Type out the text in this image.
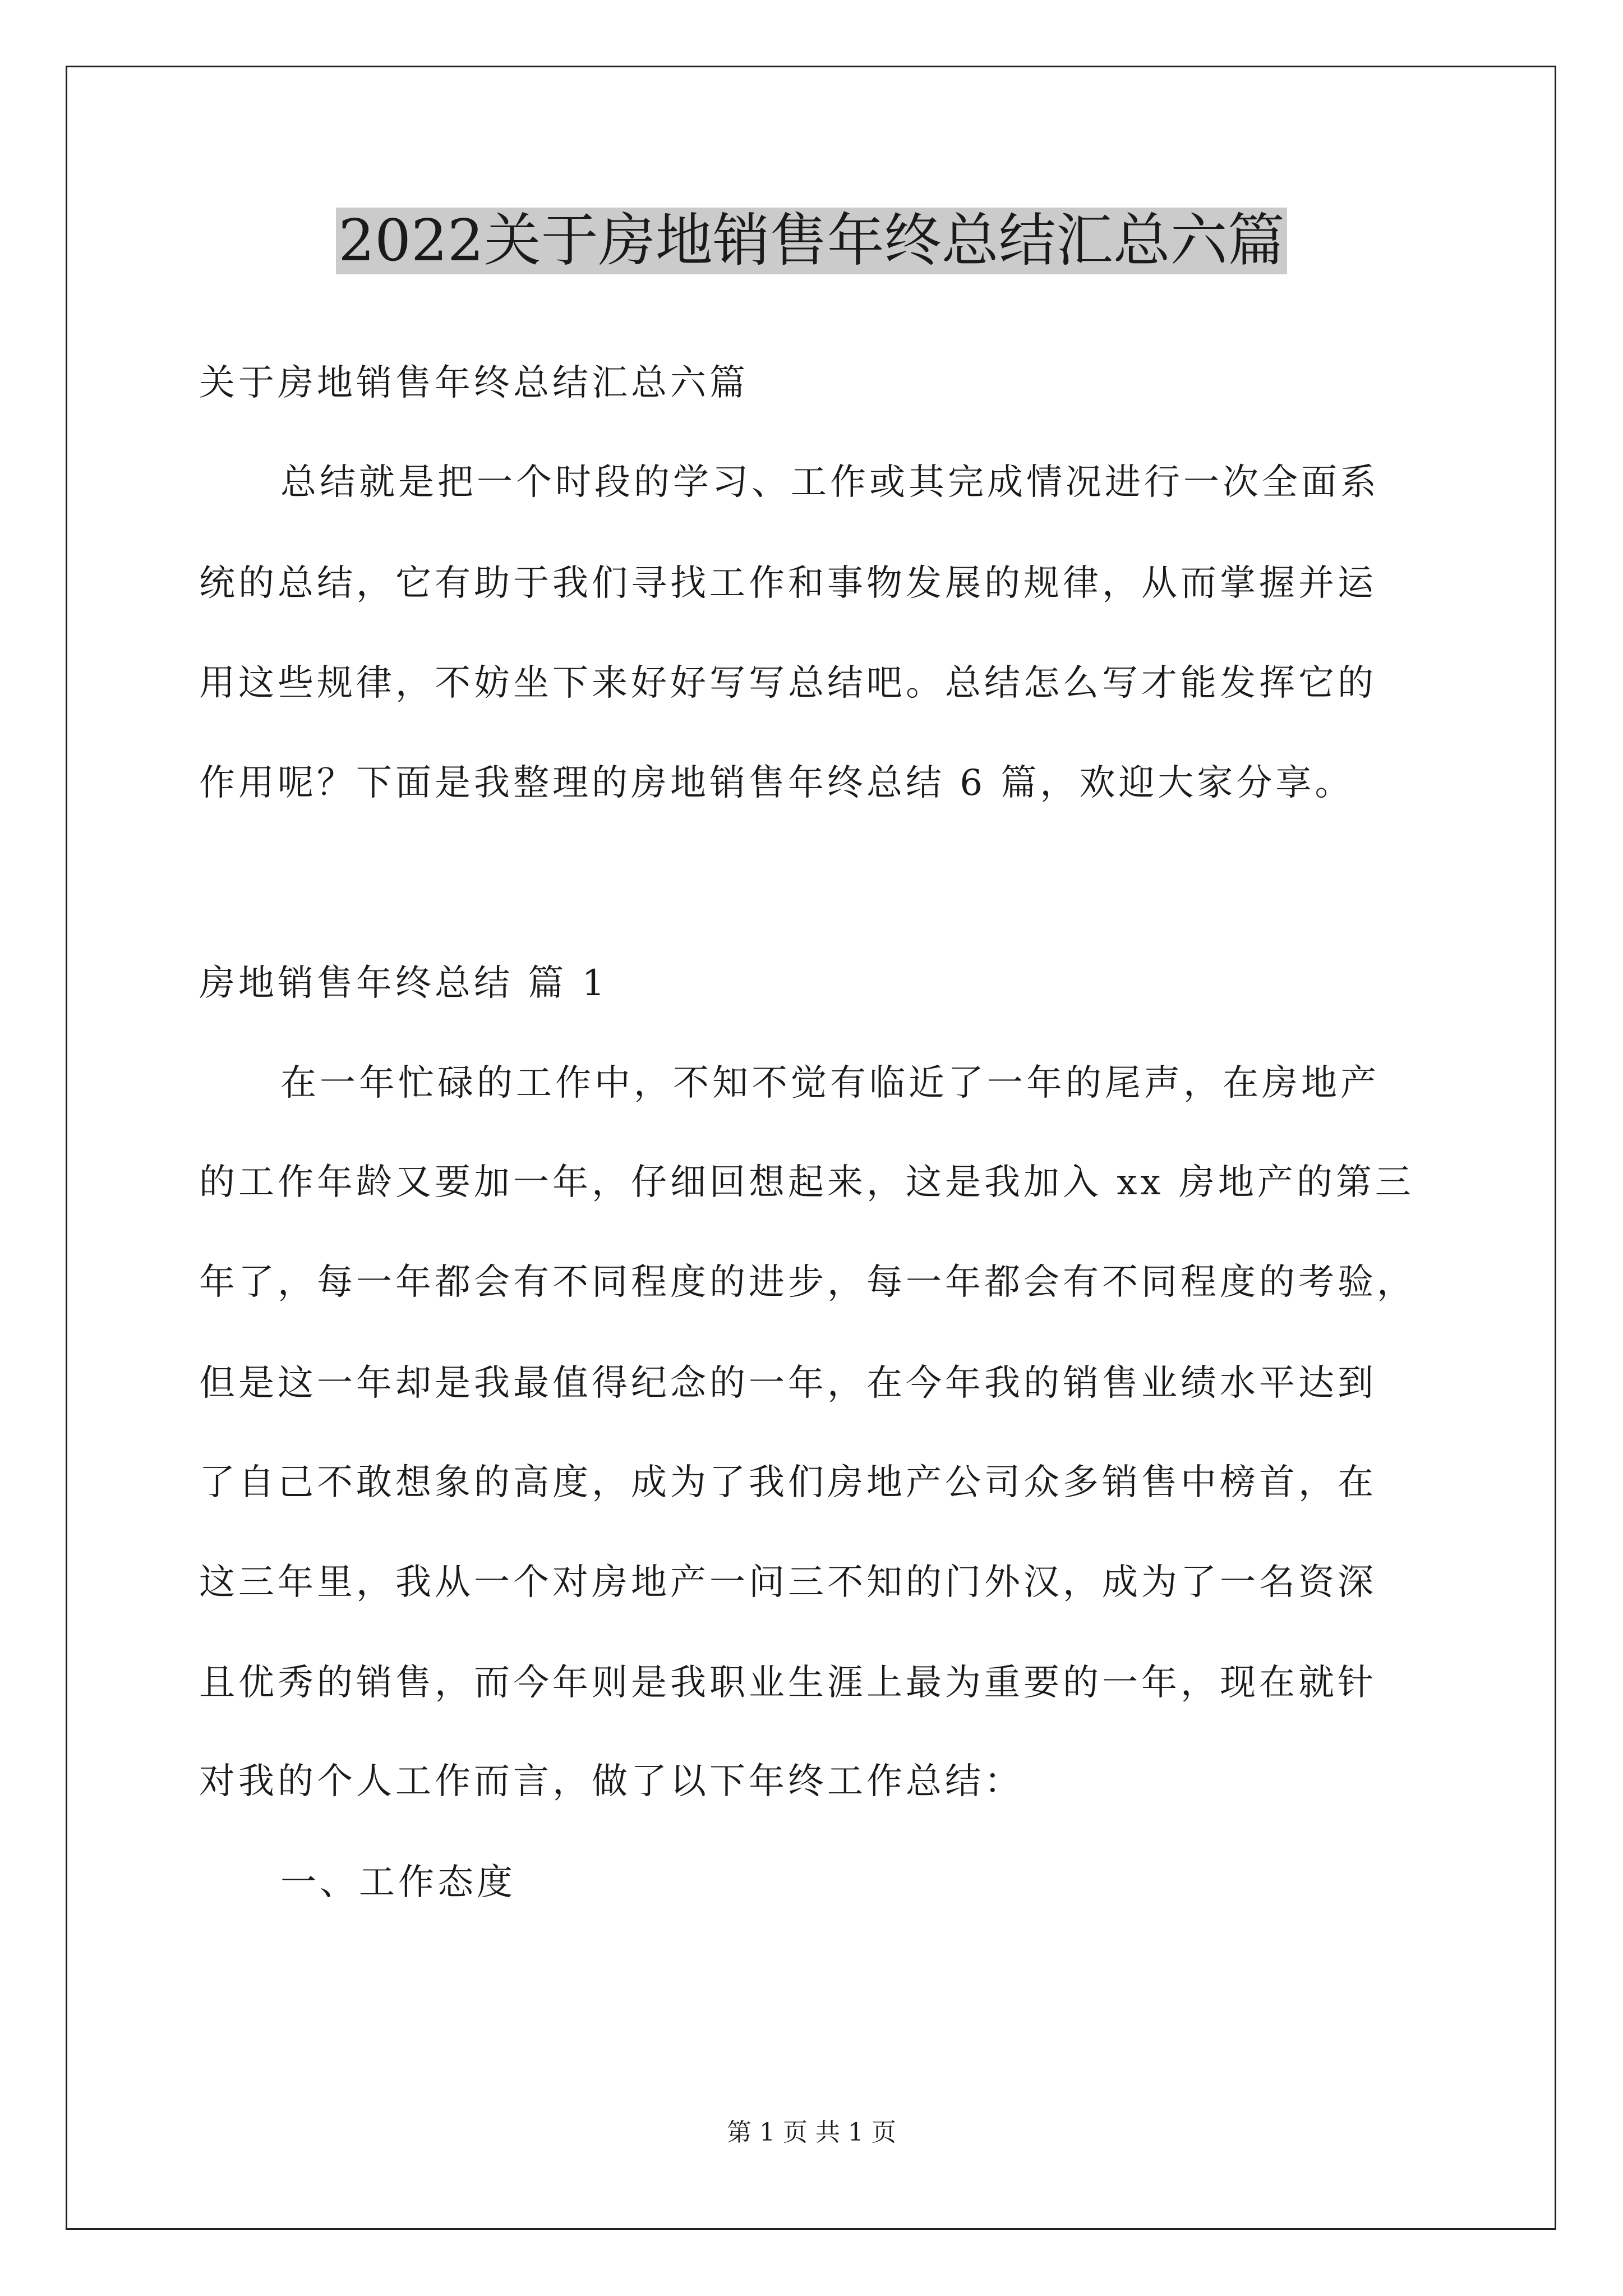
2022关于房地销售年终总结汇总六篇
关于房地销售年终总结汇总六篇
总结就是把一个时段的学习、工作或其完成情况进行一次全面系
统的总结，它有助于我们寻找工作和事物发展的规律，从而掌握并运
用这些规律，不妨坐下来好好写写总结吧。总结怎么写才能发挥它的
作用呢？下面是我整理的房地销售年终总结 6 篇，欢迎大家分享。
房地销售年终总结 篇 1
在一年忙碌的工作中，不知不觉有临近了一年的尾声，在房地产
的工作年龄又要加一年，仔细回想起来，这是我加入 xx 房地产的第三
年了，每一年都会有不同程度的进步，每一年都会有不同程度的考验，
但是这一年却是我最值得纪念的一年，在今年我的销售业绩水平达到
了自己不敢想象的高度，成为了我们房地产公司众多销售中榜首，在
这三年里，我从一个对房地产一问三不知的门外汉，成为了一名资深
且优秀的销售，而今年则是我职业生涯上最为重要的一年，现在就针
对我的个人工作而言，做了以下年终工作总结：
一、工作态度
第 1 页 共 1 页
